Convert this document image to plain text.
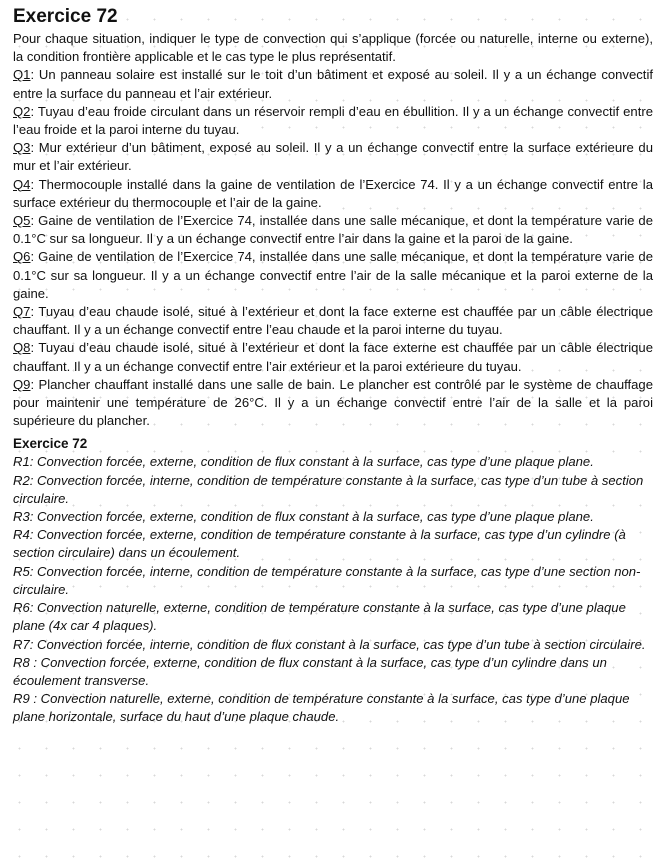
Exercice 72
Pour chaque situation, indiquer le type de convection qui s’applique (forcée ou naturelle, interne ou externe), la condition frontière applicable et le cas type le plus représentatif.
Q1: Un panneau solaire est installé sur le toit d’un bâtiment et exposé au soleil. Il y a un échange convectif entre la surface du panneau et l’air extérieur.
Q2: Tuyau d’eau froide circulant dans un réservoir rempli d’eau en ébullition. Il y a un échange convectif entre l’eau froide et la paroi interne du tuyau.
Q3: Mur extérieur d’un bâtiment, exposé au soleil. Il y a un échange convectif entre la surface extérieure du mur et l’air extérieur.
Q4: Thermocouple installé dans la gaine de ventilation de l’Exercice 74. Il y a un échange convectif entre la surface extérieur du thermocouple et l’air de la gaine.
Q5: Gaine de ventilation de l’Exercice 74, installée dans une salle mécanique, et dont la température varie de 0.1°C sur sa longueur. Il y a un échange convectif entre l’air dans la gaine et la paroi de la gaine.
Q6: Gaine de ventilation de l’Exercice 74, installée dans une salle mécanique, et dont la température varie de 0.1°C sur sa longueur. Il y a un échange convectif entre l’air de la salle mécanique et la paroi externe de la gaine.
Q7: Tuyau d’eau chaude isolé, situé à l’extérieur et dont la face externe est chauffée par un câble électrique chauffant. Il y a un échange convectif entre l’eau chaude et la paroi interne du tuyau.
Q8: Tuyau d’eau chaude isolé, situé à l’extérieur et dont la face externe est chauffée par un câble électrique chauffant. Il y a un échange convectif entre l’air extérieur et la paroi extérieure du tuyau.
Q9: Plancher chauffant installé dans une salle de bain. Le plancher est contrôlé par le système de chauffage pour maintenir une température de 26°C. Il y a un échange convectif entre l’air de la salle et la paroi supérieure du plancher.
Exercice 72
R1: Convection forcée, externe, condition de flux constant à la surface, cas type d’une plaque plane.
R2: Convection forcée, interne, condition de température constante à la surface, cas type d’un tube à section circulaire.
R3: Convection forcée, externe, condition de flux constant à la surface, cas type d’une plaque plane.
R4: Convection forcée, externe, condition de température constante à la surface, cas type d’un cylindre (à section circulaire) dans un écoulement.
R5: Convection forcée, interne, condition de température constante à la surface, cas type d’une section non-circulaire.
R6: Convection naturelle, externe, condition de température constante à la surface, cas type d’une plaque plane (4x car 4 plaques).
R7: Convection forcée, interne, condition de flux constant à la surface, cas type d’un tube à section circulaire.
R8 : Convection forcée, externe, condition de flux constant à la surface, cas type d’un cylindre dans un écoulement transverse.
R9 : Convection naturelle, externe, condition de température constante à la surface, cas type d’une plaque plane horizontale, surface du haut d’une plaque chaude.
